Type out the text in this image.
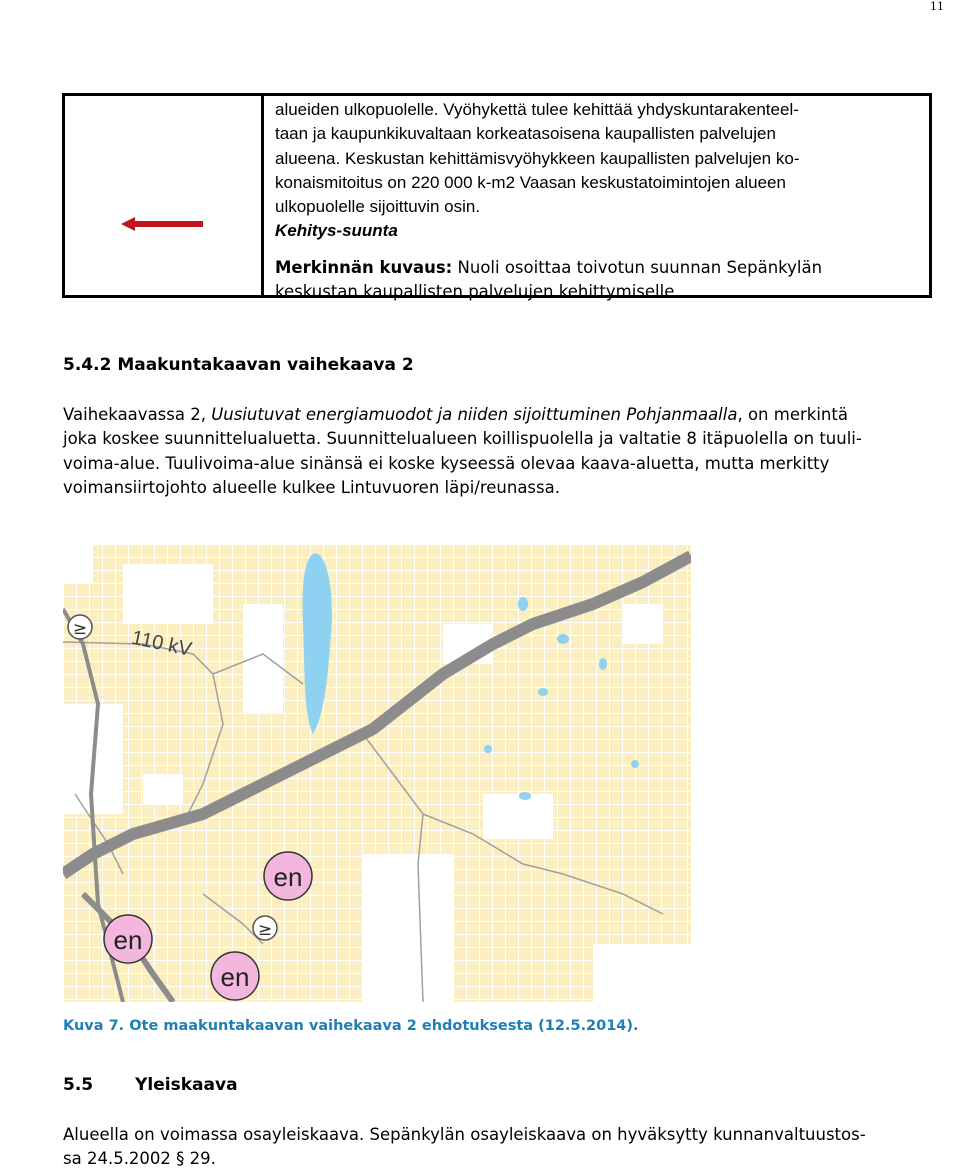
11

alueiden ulkopuolelle. Vyöhykettä tulee kehittää yhdyskuntarakenteel-

taan ja kaupunkikuvaltaan korkeatasoisena kaupallisten palvelujen

alueena. Keskustan kehittämisvyöhykkeen kaupallisten palvelujen ko-

konaismitoitus on 220 000 k-m2 Vaasan keskustatoimintojen alueen

ulkopuolelle sijoittuvin osin.

Kehitys-suunta

Merkinnän kuvaus: Nuoli osoittaa toivotun suunnan Sepänkylän
keskustan kaupallisten palvelujen kehittymiselle.

5.4.2 Maakuntakaavan vaihekaava 2

Vaihekaavassa 2, Uusiutuvat energiamuodot ja niiden sijoittuminen Pohjanmaalla, on merkintä
joka koskee suunnittelualuetta. Suunnittelualueen koillispuolella ja valtatie 8 itäpuolella on tuuli-
voima-alue. Tuulivoima-alue sinänsä ei koske kyseessä olevaa kaava-aluetta, mutta merkitty
voimansiirtojohto alueelle kulkee Lintuvuoren läpi/reunassa.

110 kV
≥
≥
en
en
en

Kuva 7. Ote maakuntakaavan vaihekaava 2 ehdotuksesta (12.5.2014).

5.5 Yleiskaava

Alueella on voimassa osayleiskaava. Sepänkylän osayleiskaava on hyväksytty kunnanvaltuustos-
sa 24.5.2002 § 29.
